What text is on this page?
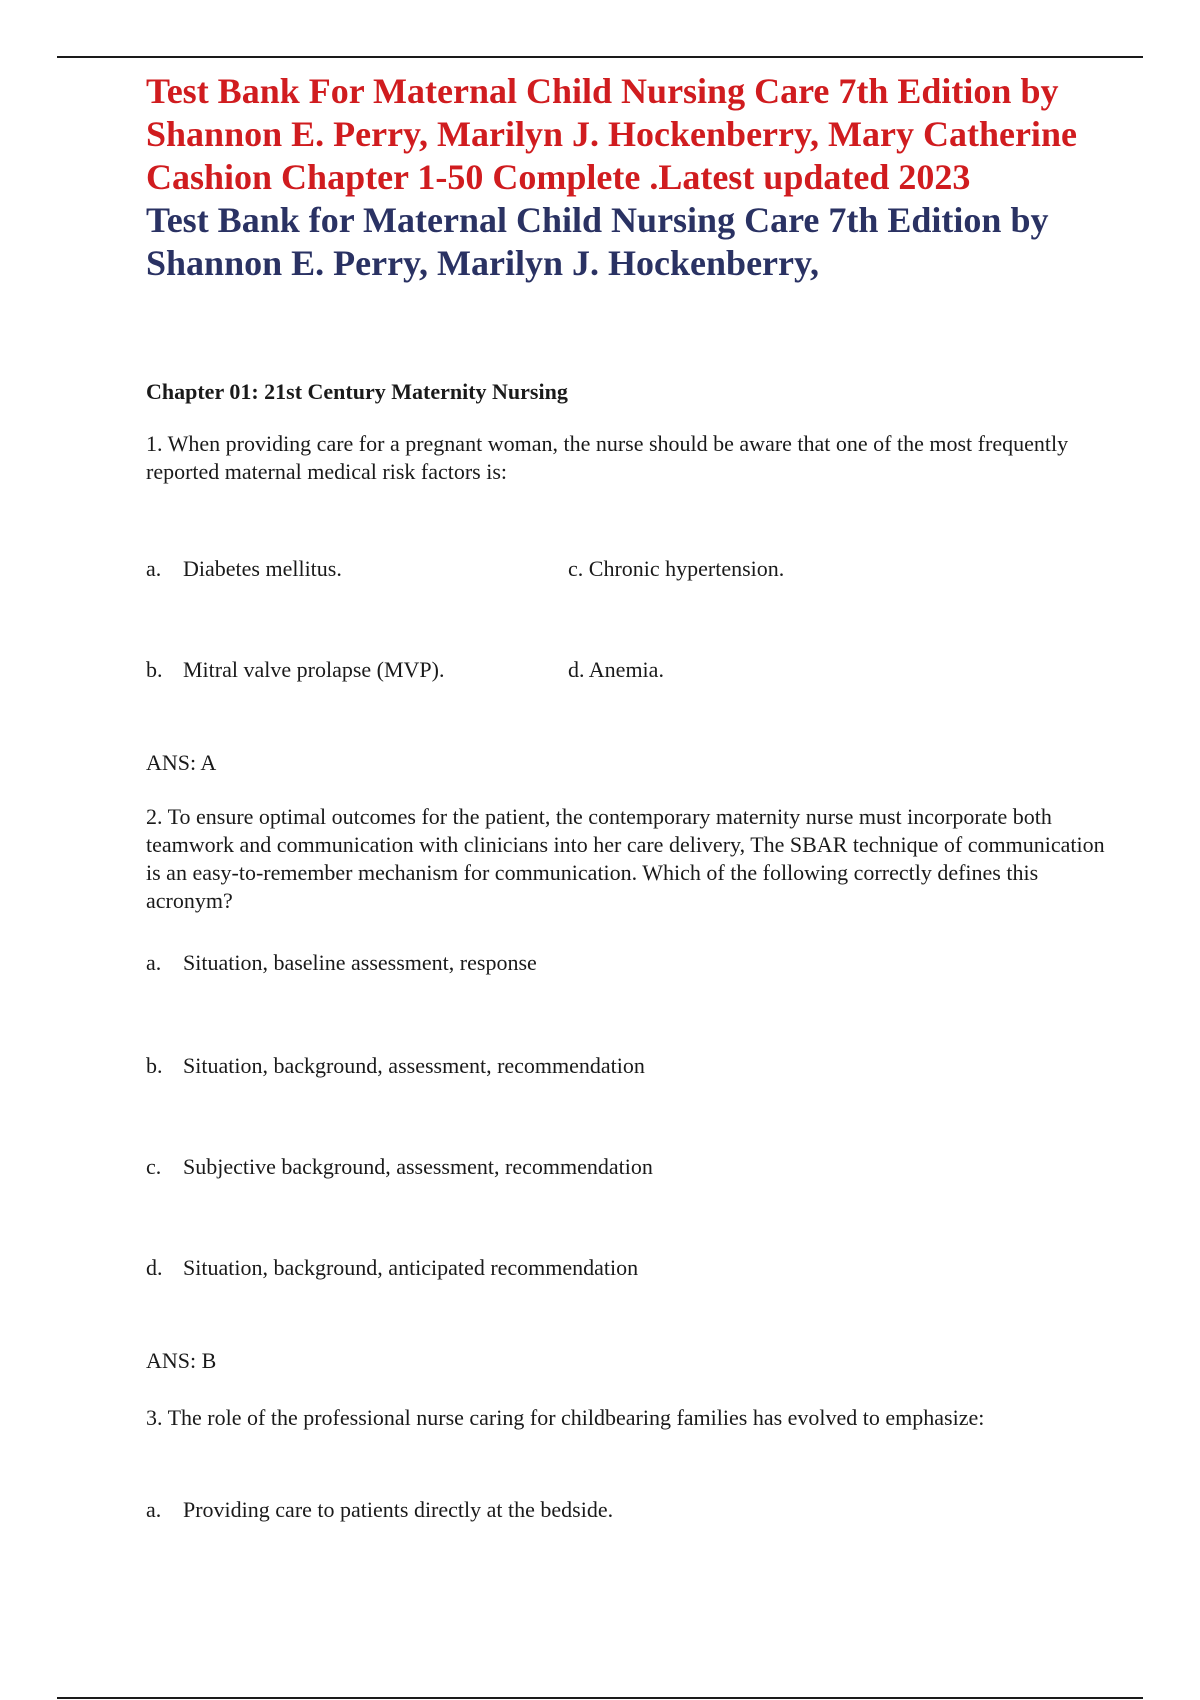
Test Bank For Maternal Child Nursing Care 7th Edition by Shannon E. Perry, Marilyn J. Hockenberry, Mary Catherine Cashion Chapter 1-50 Complete .Latest updated 2023

Test Bank for Maternal Child Nursing Care 7th Edition by Shannon E. Perry, Marilyn J. Hockenberry,

Chapter 01: 21st Century Maternity Nursing

1. When providing care for a pregnant woman, the nurse should be aware that one of the most frequently reported maternal medical risk factors is:

a. Diabetes mellitus.	c. Chronic hypertension.
b. Mitral valve prolapse (MVP).	d. Anemia.
ANS: A

2. To ensure optimal outcomes for the patient, the contemporary maternity nurse must incorporate both teamwork and communication with clinicians into her care delivery, The SBAR technique of communication is an easy-to-remember mechanism for communication. Which of the following correctly defines this acronym?

a. Situation, baseline assessment, response
b. Situation, background, assessment, recommendation
c. Subjective background, assessment, recommendation
d. Situation, background, anticipated recommendation
ANS: B

3. The role of the professional nurse caring for childbearing families has evolved to emphasize:

a. Providing care to patients directly at the bedside.
